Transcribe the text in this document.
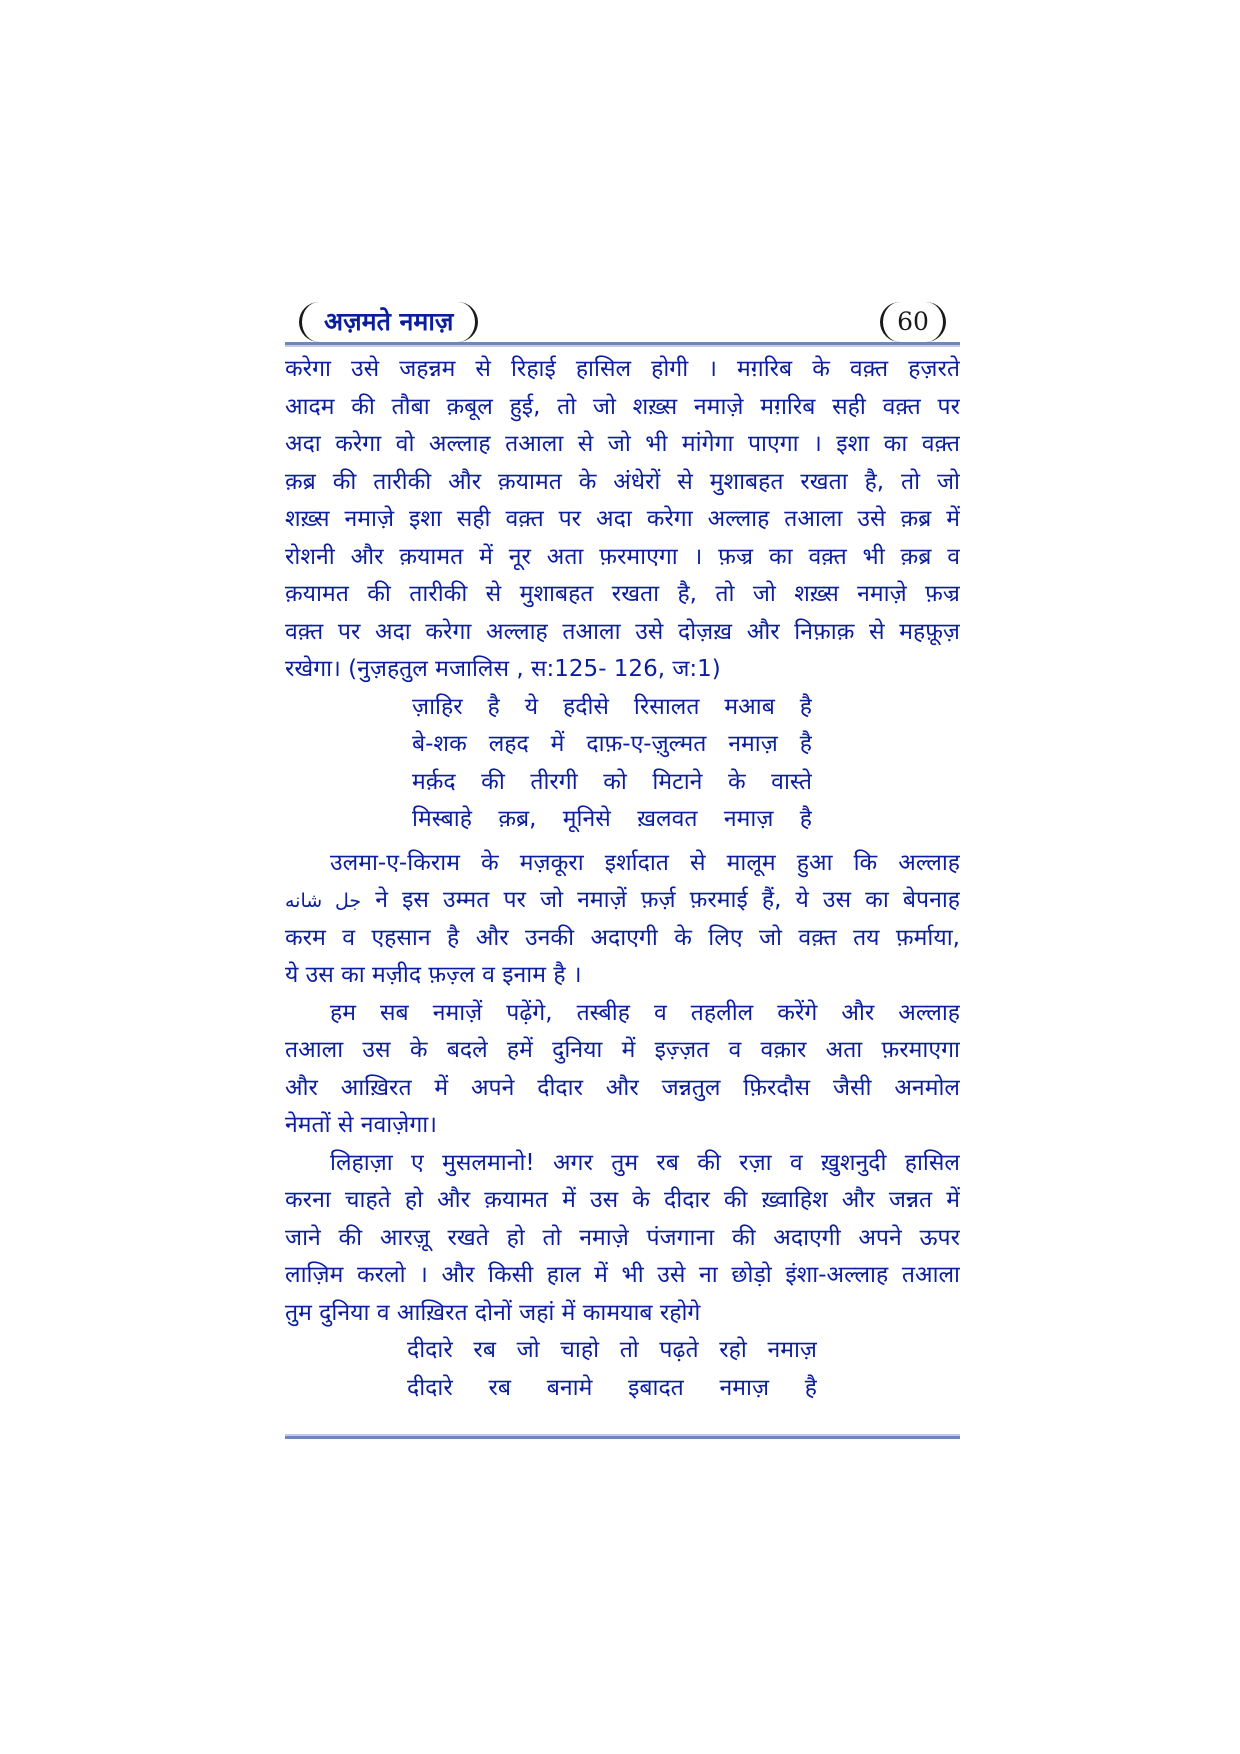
अज़मते नमाज़	60
करेगा उसे जहन्नम से रिहाई हासिल होगी । मग़रिब के वक़्त हज़रते
आदम की तौबा क़बूल हुई, तो जो शख़्स नमाज़े मग़रिब सही वक़्त पर
अदा करेगा वो अल्लाह तआला से जो भी मांगेगा पाएगा । इशा का वक़्त
क़ब्र की तारीकी और क़यामत के अंधेरों से मुशाबहत रखता है, तो जो
शख़्स नमाज़े इशा सही वक़्त पर अदा करेगा अल्लाह तआला उसे क़ब्र में
रोशनी और क़यामत में नूर अता फ़रमाएगा । फ़ज्र का वक़्त भी क़ब्र व
क़यामत की तारीकी से मुशाबहत रखता है, तो जो शख़्स नमाज़े फ़ज्र
वक़्त पर अदा करेगा अल्लाह तआला उसे दोज़ख़ और निफ़ाक़ से महफ़ूज़
रखेगा। (नुज़हतुल मजालिस , स:125- 126, ज:1)
ज़ाहिर है ये हदीसे रिसालत मआब है
बे-शक लहद में दाफ़-ए-ज़ुल्मत नमाज़ है
मर्क़द की तीरगी को मिटाने के वास्ते
मिस्बाहे क़ब्र, मूनिसे ख़लवत नमाज़ है
उलमा-ए-किराम के मज़कूरा इर्शादात से मालूम हुआ कि अल्लाह
جل شانه ने इस उम्मत पर जो नमाज़ें फ़र्ज़ फ़रमाई हैं, ये उस का बेपनाह
करम व एहसान है और उनकी अदाएगी के लिए जो वक़्त तय फ़र्माया,
ये उस का मज़ीद फ़ज़्ल व इनाम है ।
हम सब नमाज़ें पढ़ेंगे, तस्बीह व तहलील करेंगे और अल्लाह
तआला उस के बदले हमें दुनिया में इज़्ज़त व वक़ार अता फ़रमाएगा
और आख़िरत में अपने दीदार और जन्नतुल फ़िरदौस जैसी अनमोल
नेमतों से नवाज़ेगा।
लिहाज़ा ए मुसलमानो! अगर तुम रब की रज़ा व ख़ुशनुदी हासिल
करना चाहते हो और क़यामत में उस के दीदार की ख़्वाहिश और जन्नत में
जाने की आरज़ू रखते हो तो नमाज़े पंजगाना की अदाएगी अपने ऊपर
लाज़िम करलो । और किसी हाल में भी उसे ना छोड़ो इंशा-अल्लाह तआला
तुम दुनिया व आख़िरत दोनों जहां में कामयाब रहोगे
दीदारे रब जो चाहो तो पढ़ते रहो नमाज़
दीदारे रब बनामे इबादत नमाज़ है
